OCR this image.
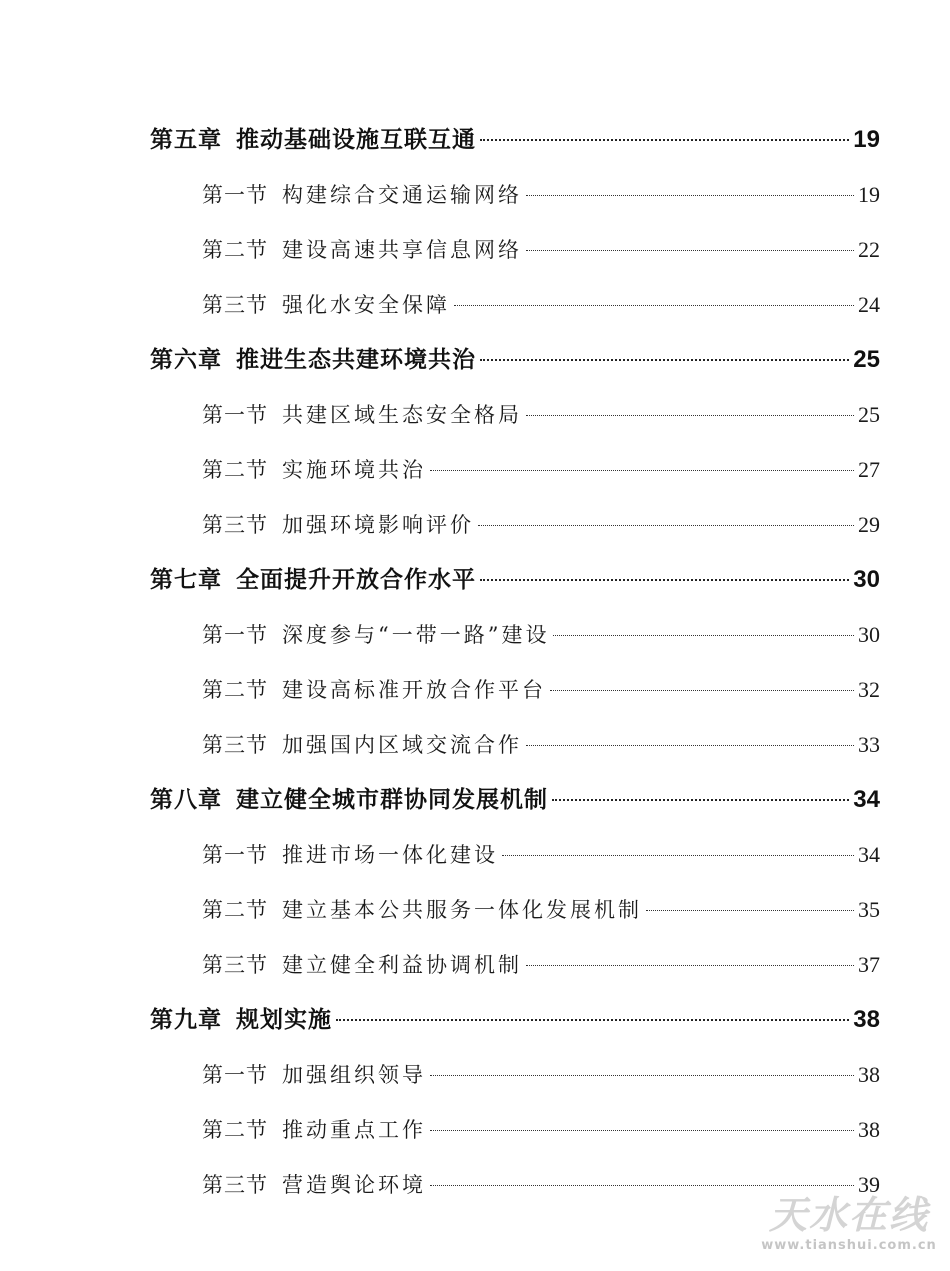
第五章 推动基础设施互联互通	19
第一节 构建综合交通运输网络	19
第二节 建设高速共享信息网络	22
第三节 强化水安全保障	24
第六章 推进生态共建环境共治	25
第一节 共建区域生态安全格局	25
第二节 实施环境共治	27
第三节 加强环境影响评价	29
第七章 全面提升开放合作水平	30
第一节 深度参与“一带一路”建设	30
第二节 建设高标准开放合作平台	32
第三节 加强国内区域交流合作	33
第八章 建立健全城市群协同发展机制	34
第一节 推进市场一体化建设	34
第二节 建立基本公共服务一体化发展机制	35
第三节 建立健全利益协调机制	37
第九章 规划实施	38
第一节 加强组织领导	38
第二节 推动重点工作	38
第三节 营造舆论环境	39
天水在线
www.tianshui.com.cn
